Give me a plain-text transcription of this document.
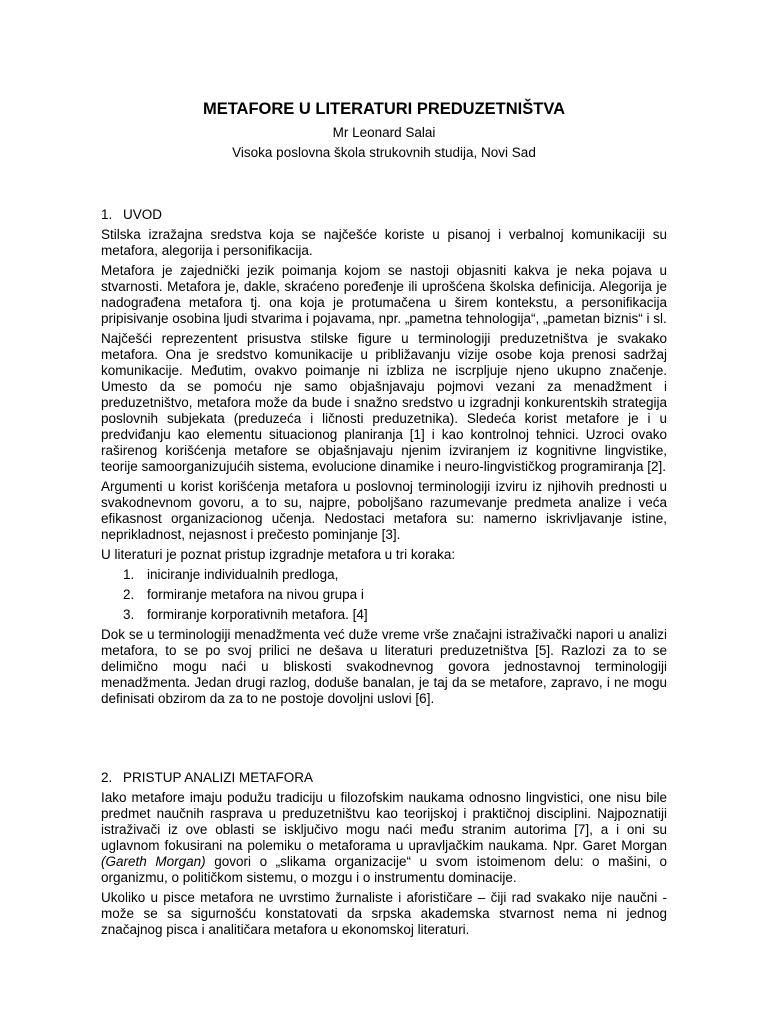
METAFORE U LITERATURI PREDUZETNIŠTVA
Mr Leonard Salai
Visoka poslovna škola strukovnih studija, Novi Sad
1. UVOD

Stilska izražajna sredstva koja se najčešće koriste u pisanoj i verbalnoj komunikaciji su metafora, alegorija i personifikacija.

Metafora je zajednički jezik poimanja kojom se nastoji objasniti kakva je neka pojava u stvarnosti. Metafora je, dakle, skraćeno poređenje ili uprošćena školska definicija. Alegorija je nadograđena metafora tj. ona koja je protumačena u širem kontekstu, a personifikacija pripisivanje osobina ljudi stvarima i pojavama, npr. „pametna tehnologija“, „pametan biznis“ i sl.

Najčešći reprezentent prisustva stilske figure u terminologiji preduzetništva je svakako metafora. Ona je sredstvo komunikacije u približavanju vizije osobe koja prenosi sadržaj komunikacije. Međutim, ovakvo poimanje ni izbliza ne iscrpljuje njeno ukupno značenje. Umesto da se pomoću nje samo objašnjavaju pojmovi vezani za menadžment i preduzetništvo, metafora može da bude i snažno sredstvo u izgradnji konkurentskih strategija poslovnih subjekata (preduzeća i ličnosti preduzetnika). Sledeća korist metafore je i u predviđanju kao elementu situacionog planiranja [1] i kao kontrolnoj tehnici. Uzroci ovako raširenog korišćenja metafore se objašnjavaju njenim izviranjem iz kognitivne lingvistike, teorije samoorganizujućih sistema, evolucione dinamike i neuro-lingvističkog programiranja [2].

Argumenti u korist korišćenja metafora u poslovnoj terminologiji izviru iz njihovih prednosti u svakodnevnom govoru, a to su, najpre, poboljšano razumevanje predmeta analize i veća efikasnost organizacionog učenja. Nedostaci metafora su: namerno iskrivljavanje istine, neprikladnost, nejasnost i prečesto pominjanje [3].

U literaturi je poznat pristup izgradnje metafora u tri koraka:

1. iniciranje individualnih predloga,
2. formiranje metafora na nivou grupa i
3. formiranje korporativnih metafora. [4]

Dok se u terminologiji menadžmenta već duže vreme vrše značajni istraživački napori u analizi metafora, to se po svoj prilici ne dešava u literaturi preduzetništva [5]. Razlozi za to se delimično mogu naći u bliskosti svakodnevnog govora jednostavnoj terminologiji menadžmenta. Jedan drugi razlog, doduše banalan, je taj da se metafore, zapravo, i ne mogu definisati obzirom da za to ne postoje dovoljni uslovi [6].

2. PRISTUP ANALIZI METAFORA

Iako metafore imaju podužu tradiciju u filozofskim naukama odnosno lingvistici, one nisu bile predmet naučnih rasprava u preduzetništvu kao teorijskoj i praktičnoj disciplini. Najpoznatiji istraživači iz ove oblasti se isključivo mogu naći među stranim autorima [7], a i oni su uglavnom fokusirani na polemiku o metaforama u upravljačkim naukama. Npr. Garet Morgan (Gareth Morgan) govori o „slikama organizacije“ u svom istoimenom delu: o mašini, o organizmu, o političkom sistemu, o mozgu i o instrumentu dominacije.

Ukoliko u pisce metafora ne uvrstimo žurnaliste i aforističare – čiji rad svakako nije naučni - može se sa sigurnošću konstatovati da srpska akademska stvarnost nema ni jednog značajnog pisca i analitičara metafora u ekonomskoj literaturi.
